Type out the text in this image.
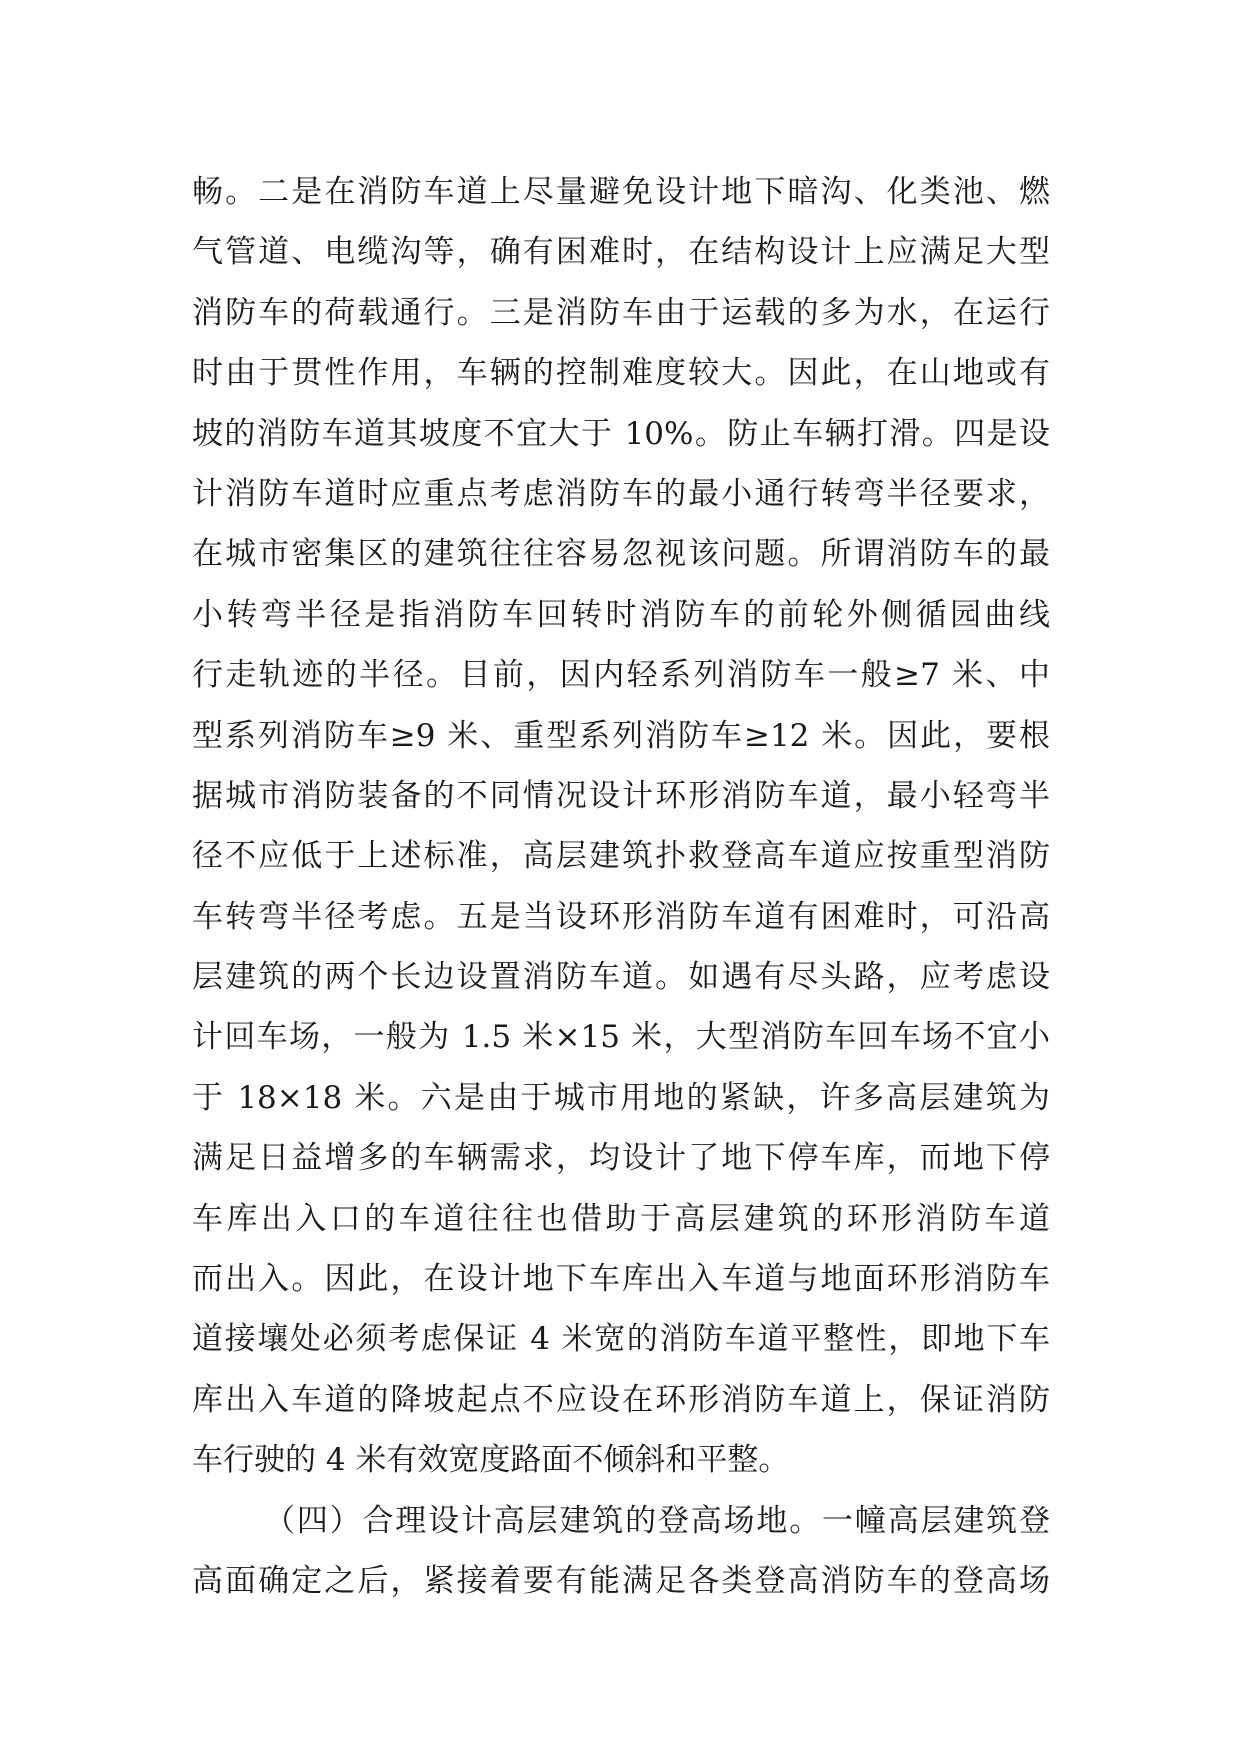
畅。二是在消防车道上尽量避免设计地下暗沟、化类池、燃
气管道、电缆沟等，确有困难时，在结构设计上应满足大型
消防车的荷载通行。三是消防车由于运载的多为水，在运行
时由于贯性作用，车辆的控制难度较大。因此，在山地或有
坡的消防车道其坡度不宜大于 10%。防止车辆打滑。四是设
计消防车道时应重点考虑消防车的最小通行转弯半径要求，
在城市密集区的建筑往往容易忽视该问题。所谓消防车的最
小转弯半径是指消防车回转时消防车的前轮外侧循园曲线
行走轨迹的半径。目前，因内轻系列消防车一般≥7 米、中
型系列消防车≥9 米、重型系列消防车≥12 米。因此，要根
据城市消防装备的不同情况设计环形消防车道，最小轻弯半
径不应低于上述标准，高层建筑扑救登高车道应按重型消防
车转弯半径考虑。五是当设环形消防车道有困难时，可沿高
层建筑的两个长边设置消防车道。如遇有尽头路，应考虑设
计回车场，一般为 1.5 米×15 米，大型消防车回车场不宜小
于 18×18 米。六是由于城市用地的紧缺，许多高层建筑为
满足日益增多的车辆需求，均设计了地下停车库，而地下停
车库出入口的车道往往也借助于高层建筑的环形消防车道
而出入。因此，在设计地下车库出入车道与地面环形消防车
道接壤处必须考虑保证 4 米宽的消防车道平整性，即地下车
库出入车道的降坡起点不应设在环形消防车道上，保证消防
车行驶的 4 米有效宽度路面不倾斜和平整。
（四）合理设计高层建筑的登高场地。一幢高层建筑登
高面确定之后，紧接着要有能满足各类登高消防车的登高场
